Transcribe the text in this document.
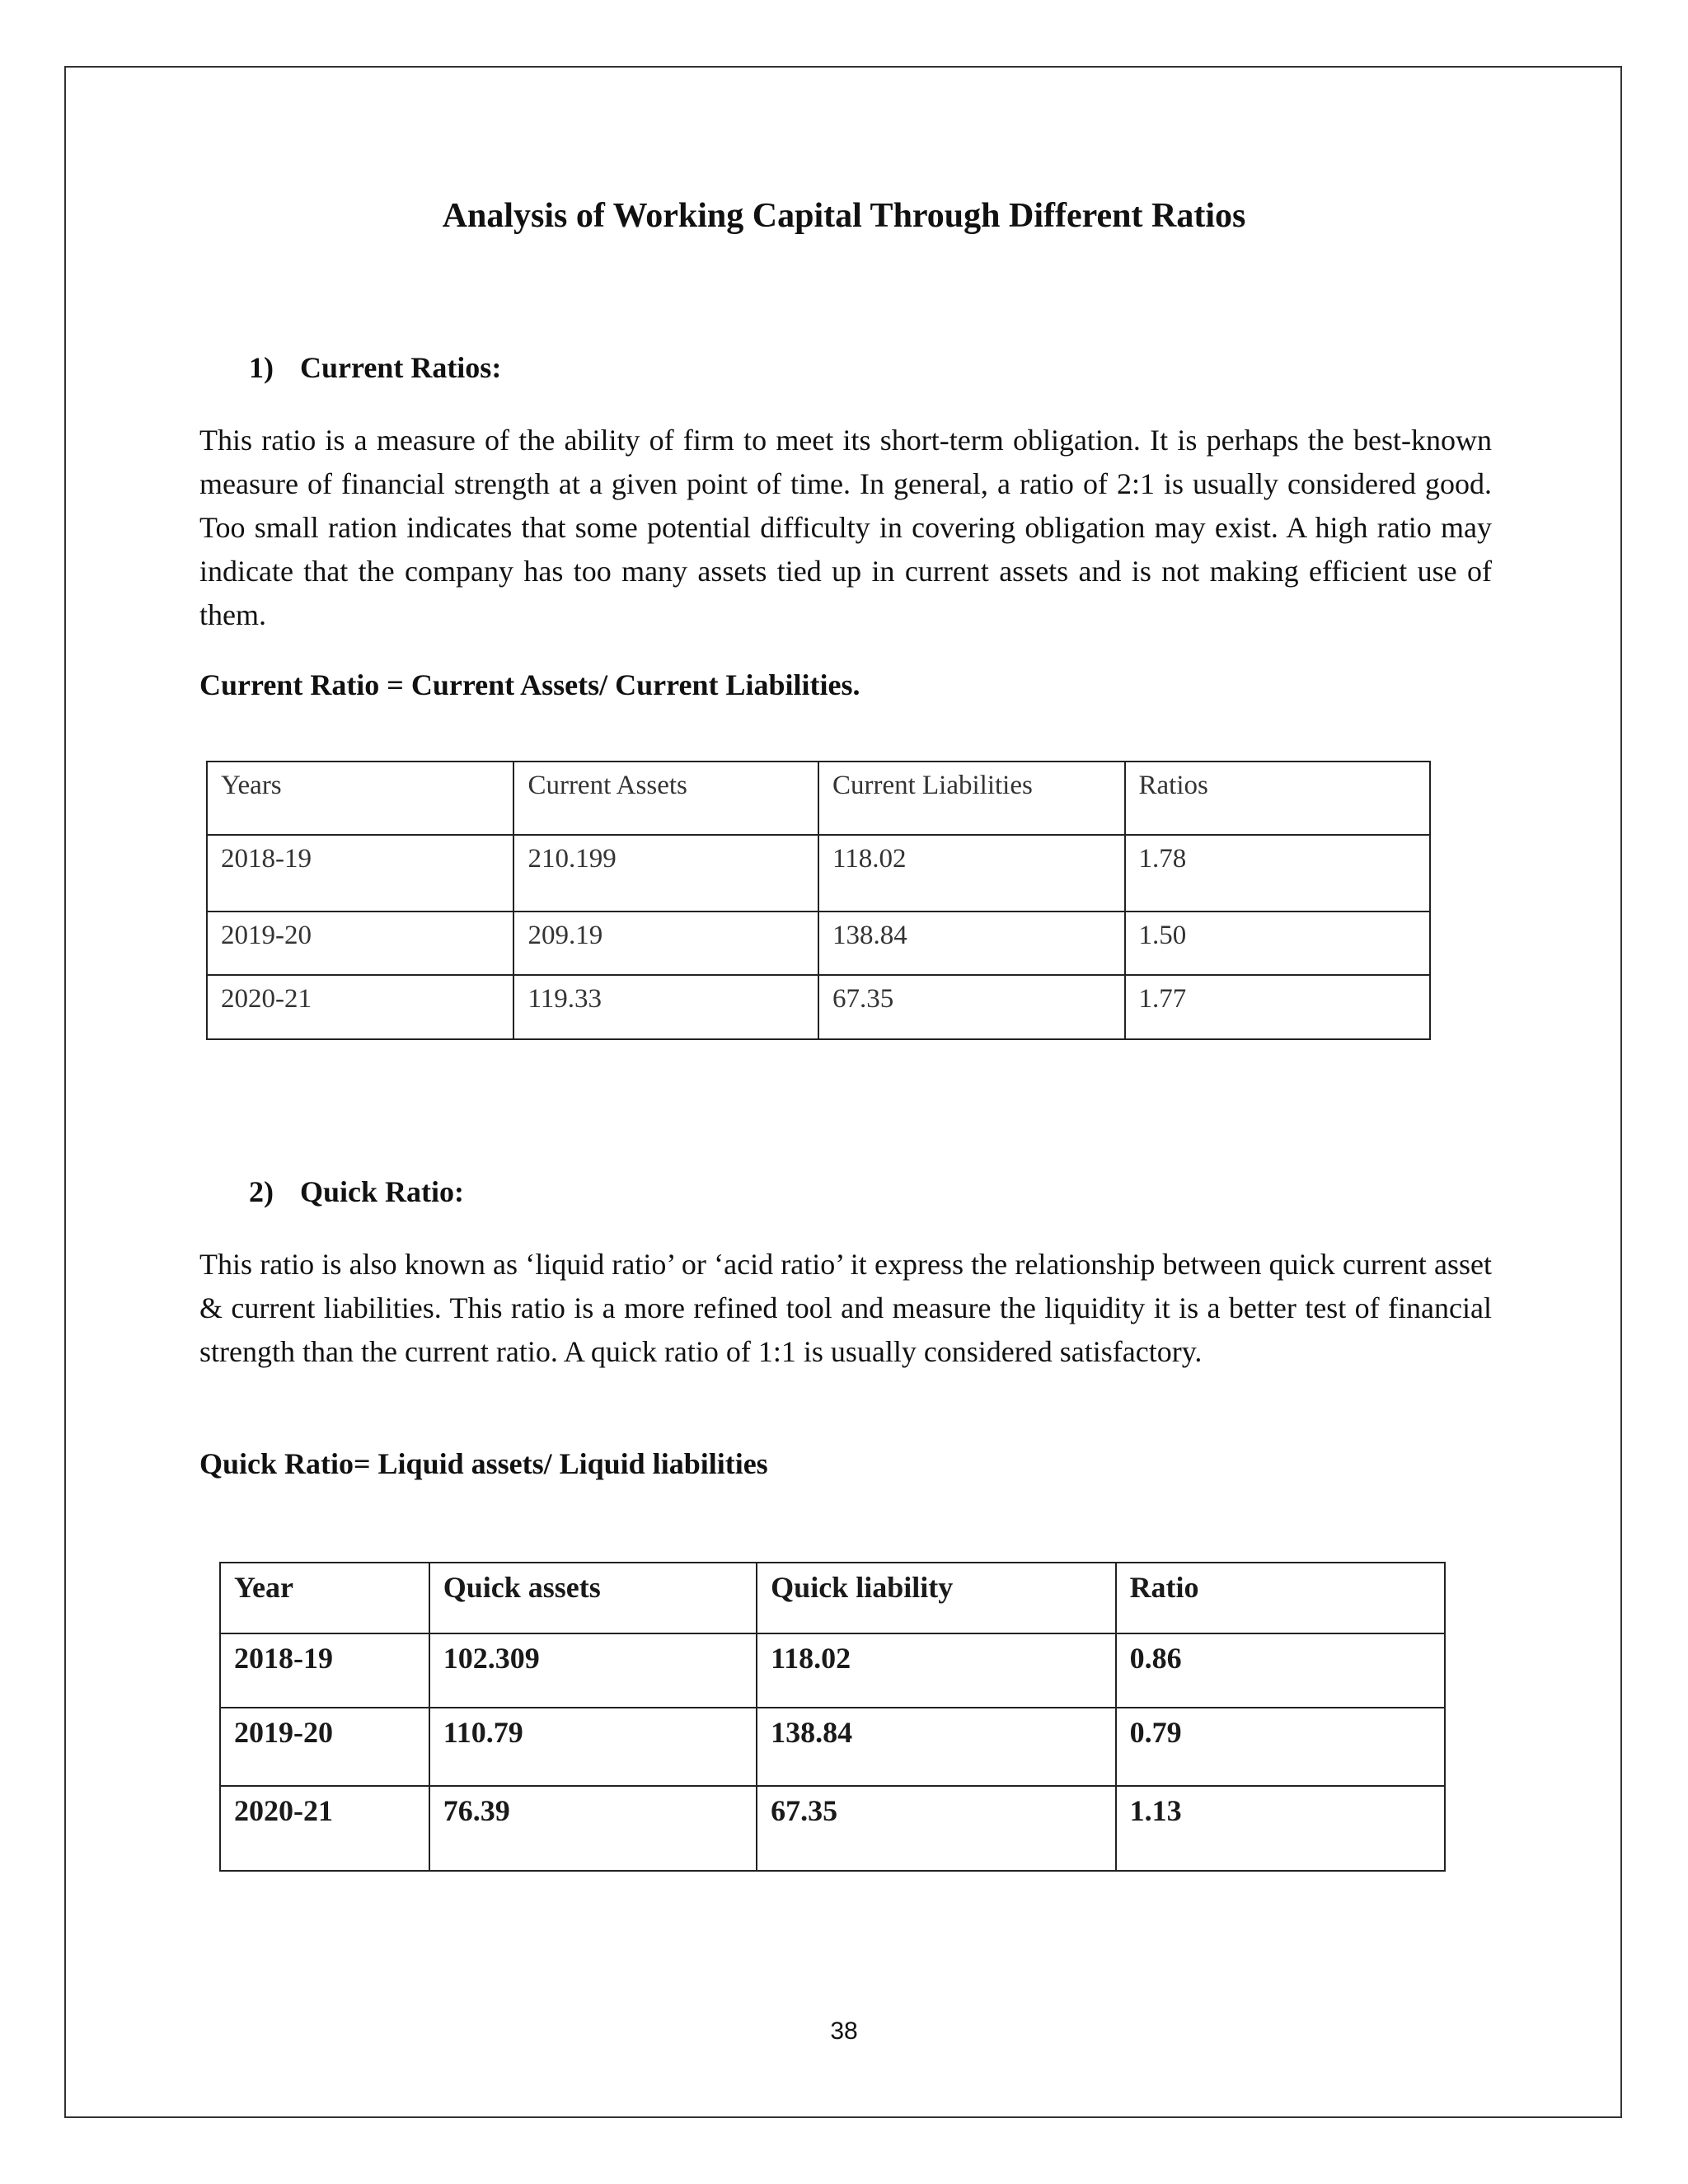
Analysis of Working Capital Through Different Ratios
1) Current Ratios:

This ratio is a measure of the ability of firm to meet its short-term obligation. It is perhaps the best-known measure of financial strength at a given point of time. In general, a ratio of 2:1 is usually considered good. Too small ration indicates that some potential difficulty in covering obligation may exist. A high ratio may indicate that the company has too many assets tied up in current assets and is not making efficient use of them.

Current Ratio = Current Assets/ Current Liabilities.

Years	Current Assets	Current Liabilities	Ratios
2018-19	210.199	118.02	1.78
2019-20	209.19	138.84	1.50
2020-21	119.33	67.35	1.77
2) Quick Ratio:

This ratio is also known as ‘liquid ratio’ or ‘acid ratio’ it express the relationship between quick current asset & current liabilities. This ratio is a more refined tool and measure the liquidity it is a better test of financial strength than the current ratio. A quick ratio of 1:1 is usually considered satisfactory.

Quick Ratio= Liquid assets/ Liquid liabilities

Year	Quick assets	Quick liability	Ratio
2018-19	102.309	118.02	0.86
2019-20	110.79	138.84	0.79
2020-21	76.39	67.35	1.13
38
